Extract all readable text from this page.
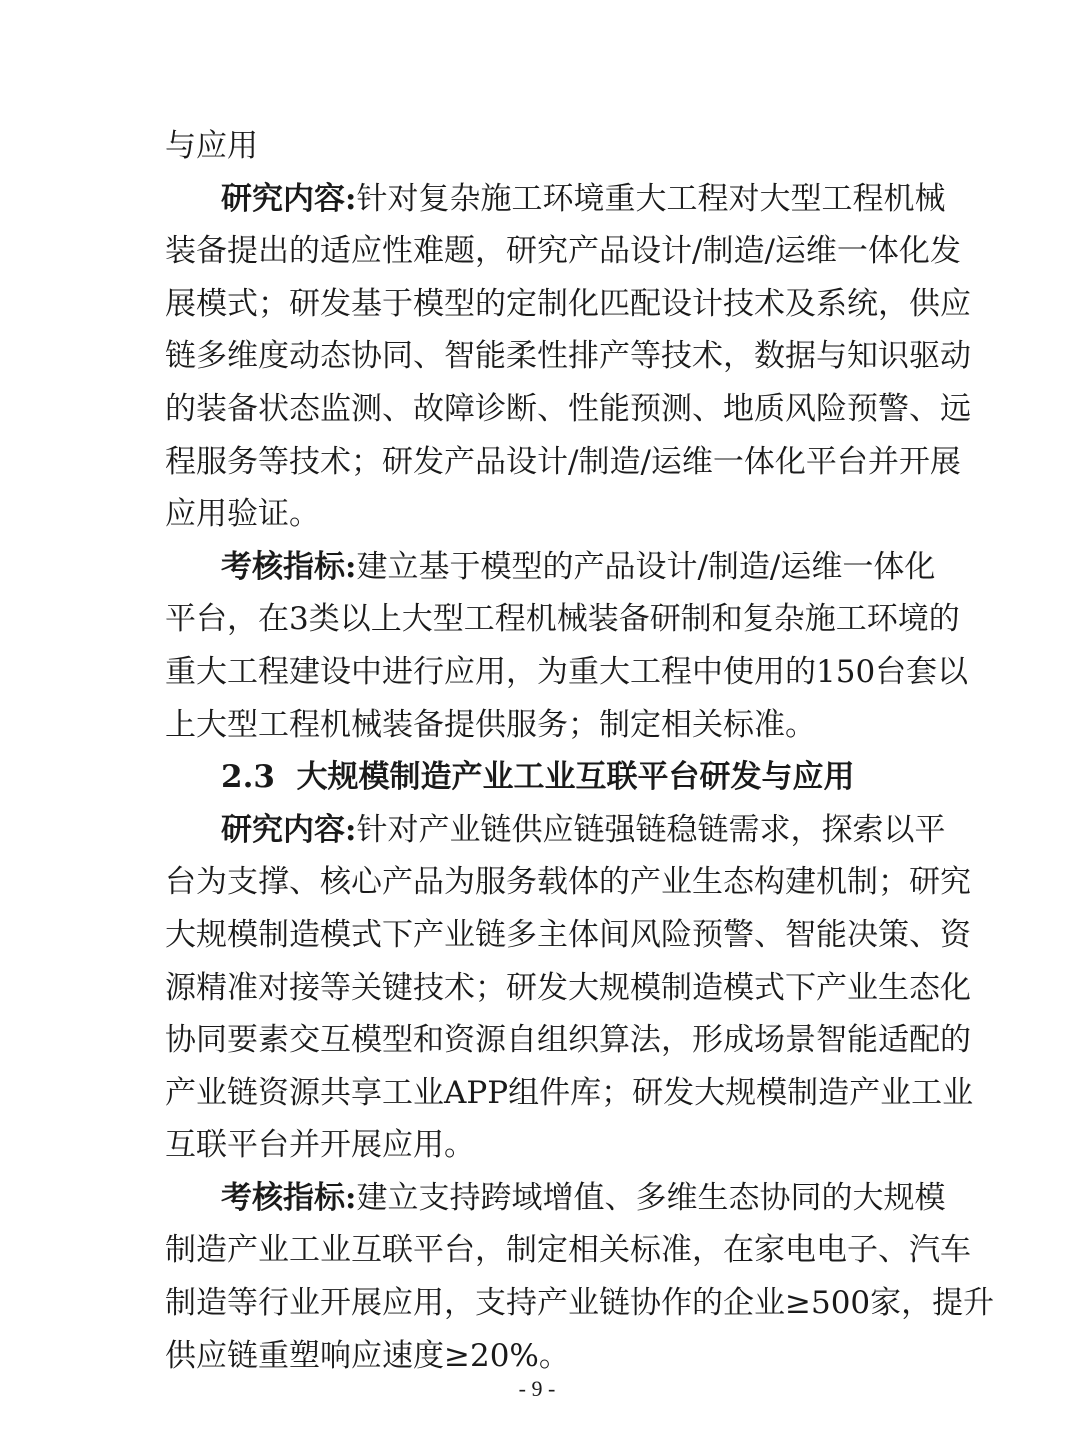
与应用
研究内容:针对复杂施工环境重大工程对大型工程机械
装备提出的适应性难题，研究产品设计/制造/运维一体化发
展模式；研发基于模型的定制化匹配设计技术及系统，供应
链多维度动态协同、智能柔性排产等技术，数据与知识驱动
的装备状态监测、故障诊断、性能预测、地质风险预警、远
程服务等技术；研发产品设计/制造/运维一体化平台并开展
应用验证。
考核指标:建立基于模型的产品设计/制造/运维一体化
平台，在3类以上大型工程机械装备研制和复杂施工环境的
重大工程建设中进行应用，为重大工程中使用的150台套以
上大型工程机械装备提供服务；制定相关标准。
2.3 大规模制造产业工业互联平台研发与应用
研究内容:针对产业链供应链强链稳链需求，探索以平
台为支撑、核心产品为服务载体的产业生态构建机制；研究
大规模制造模式下产业链多主体间风险预警、智能决策、资
源精准对接等关键技术；研发大规模制造模式下产业生态化
协同要素交互模型和资源自组织算法，形成场景智能适配的
产业链资源共享工业APP组件库；研发大规模制造产业工业
互联平台并开展应用。
考核指标:建立支持跨域增值、多维生态协同的大规模
制造产业工业互联平台，制定相关标准，在家电电子、汽车
制造等行业开展应用，支持产业链协作的企业≥500家，提升
供应链重塑响应速度≥20%。
- 9 -
